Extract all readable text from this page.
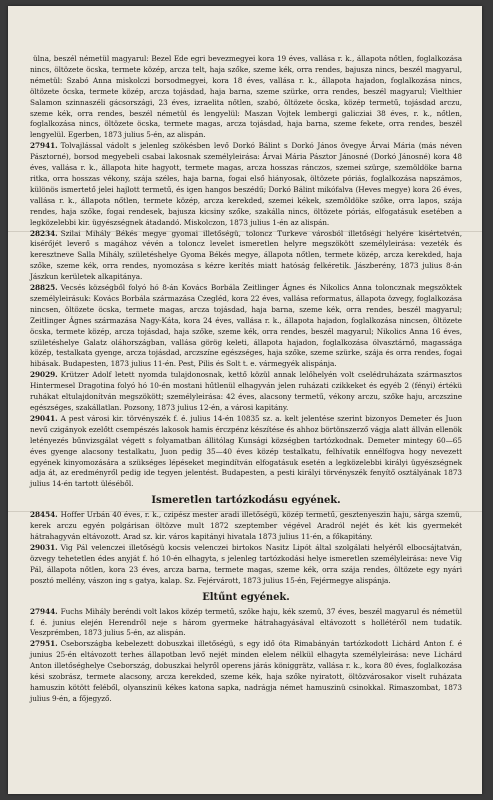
ülna, beszél németül magyarul: Bezel Ede egri bevezmegyei kora 19 éves, vallása r. k., állapota nőtlen, foglalkozása nincs, öltözete öcska, termete közép, arcza telt, haja szőke, szeme kék, orra rendes, bajusza nincs, beszél magyarul, németül: Szabó Anna miskolczi borsodmegyei, kora 18 éves, vallása r. k., állapota hajadon, foglalkozása nincs, öltözete öcska, termete közép, arcza tojásdad, haja barna, szeme szürke, orra rendes, beszél magyarul; Vielthier Salamon szinnaszéli gácsországi, 23 éves, izraelita nőtlen, szabó, öltözete öcska, közép termetű, tojásdad arczu, szeme kék, orra rendes, beszél németül és lengyelül: Maszan Vojtek lembergi galicziai 38 éves, r. k., nőtlen, foglalkozása nincs, öltözete öcska, termete magas, arcza tojásdad, haja barna, szeme fekete, orra rendes, beszél lengyelül. Egerben, 1873 julius 5-én, az alispán.

27941. Tolvajlással vádolt s jelenleg szökésben levő Dorkó Bálint s Dorkó János övegye Árvai Mária (más néven Pásztorné), borsod megyebeli csabai lakosnak személyleirása: Árvai Mária Pásztor Jánosné (Dorkó Jánosné) kora 48 éves, vallása r. k., állapota hite hagyott, termete magas, arcza hosszas ránczos, szemei szürge, szemöldöke barna ritka, orra hosszas vékony, szája széles, haja barna, fogai első hiányosak, öltözete póriás, foglalkozása napszámos, különös ismertető jelei hajlott termetű, és igen hangos beszédű; Dorkó Bálint mikófalva (Heves megye) kora 26 éves, vallása r. k., állapota nőtlen, termete közép, arcza kerekded, szemei kékek, szemöldöke szőke, orra lapos, szája rendes, haja szőke, fogai rendesek, bajusza kicsiny szőke, szakálla nincs, öltözete póriás, elfogatásuk esetében a legközelebbi kir. ügyészségnek átadandó. Miskolczon, 1873 julius 1-én az alispán.

28234. Szilai Mihály Békés megye gyomai illetőségü, toloncz Turkeve városból illetőségi helyére kisértetvén, kisérőjét leverő s magához vévén a toloncz levelet ismeretlen helyre megszökött személyleirása: vezeték és keresztneve Salla Mihály, születéshelye Gyoma Békés megye, állapota nőtlen, termete közép, arcza kerekded, haja szőke, szeme kék, orra rendes, nyomozása s kézre kerítés miatt hatóság felkéretik. Jászberény, 1873 julius 8-án Jászkun kerületek alkapitánya.

28825. Vecsés községből folyó hó 8-án Kovács Borbála Zeitlinger Ágnes és Nikolics Anna toloncznak megszöktek személyleirásuk: Kovács Borbála származása Czegléd, kora 22 éves, vallása reformatus, állapota özvegy, foglalkozása nincsen, öltözete öcska, termete magas, arcza tojásdad, haja barna, szeme kék, orra rendes, beszél magyarul; Zeitlinger Ágnes származása Nagy-Káta, kora 24 éves, vallása r. k., állapota hajadon, foglalkozása nincsen, öltözete öcska, termete közép, arcza tojásdad, haja szőke, szeme kék, orra rendes, beszél magyarul; Nikolics Anna 16 éves, születéshelye Galatz oláhországban, vallása görög keleti, állapota hajadon, foglalkozása ólvasztárnő, magassága közép, testalkata gyenge, arcza tojásdad, arczszíne egészséges, haja szőke, szeme szürke, szája és orra rendes, fogai hibásak. Budapesten, 1873 julius 11-én. Pest, Pilis és Solt t. e. vármegyék alispánja.

29029. Krützer Adolf letett nyomda tulajdonosnak, kettő közül annak lelőhelyén volt cselédruházata szármasztos Hintermesel Dragotina folyó hó 10-én mostani hűtlenül elhagyván jelen ruházati czikkeket és egyéb 2 (fényi) értékü ruhákat eltulajdonítván megszökött; személyleirása: 42 éves, alacsony termetű, vékony arczu, szőke haju, arczszine egészséges, szakállatlan. Pozsony, 1873 julius 12-én, a városi kapitány.

29041. A pest városi kir. törvényszék f. é. julius 14-én 10835 sz. a. kelt jelentése szerint bizonyos Demeter és Juon nevű czigányok ezelőtt csempészés lakosok hamis érczpénz készítése és ahhoz börtönszerző vágja alatt állván ellenök letényezés bűnvizsgálat végett s folyamatban állitólag Kunsági községben tartózkodnak. Demeter mintegy 60—65 éves gyenge alacsony testalkatu, Juon pedig 35—40 éves közép testalkatu, felhívatik ennélfogva hogy nevezett egyének kinyomozására a szükséges lépéseket megindítván elfogatásuk esetén a legközelebbi királyi ügyészségnek adja át, az eredményről pedig ide tegyen jelentést. Budapesten, a pesti királyi törvényszék fenyítő osztályának 1873 julius 14-én tartott üléséből.

Ismeretlen tartózkodásu egyének.

28454. Hoffer Urbán 40 éves, r. k., czipész mester aradi illetőségü, közép termetű, gesztenyeszin haju, sárga szemü, kerek arczu egyén polgárisan öltözve mult 1872 szeptember végével Aradról nejét és két kis gyermekét hátrahagyván eltávozott. Arad sz. kir. város kapitányi hivatala 1873 julius 11-én, a főkapitány.

29031. Vig Pál velenczei illetőségü kocsis velenczei birtokos Nasitz Lipót által szolgálati helyéről elbocsájtatván, özvegy tehetetlen édes anyját f. hó 10-én elhagyta, s jelenleg tartózkodási helye ismeretlen személyleirása: neve Vig Pál, állapota nőtlen, kora 23 éves, arcza barna, termete magas, szeme kék, orra szája rendes, öltözete egy nyári posztó mellény, vászon ing s gatya, kalap. Sz. Fejérvárott, 1873 julius 15-én, Fejérmegye alispánja.

Eltűnt egyének.

27944. Fuchs Mihály beréndi volt lakos közép termetű, szőke haju, kék szemü, 37 éves, beszél magyarul és németül f. é. junius elején Herendről neje s három gyermeke hátrahagyásával eltávozott s hollétéről nem tudatik. Veszprémben, 1873 julius 5-én, az alispán.

27951. Csebországba kebelezett dobuszkai illetőségü, s egy idő óta Rimabányán tartózkodott Lichárd Anton f. é junius 25-én eltávozott terhes állapotban levő nejét minden elelem nélkül elhagyta személyleirása: neve Lichárd Anton illetőséghelye Csebország, dobuszkai helyről operens járás königgrätz, vallása r. k., kora 80 éves, foglalkozása kési szobrász, termete alacsony, arcza kerekded, szeme kék, haja szőke nyiratott, öltözvárosakor viselt ruházata hamuszin kötött feléből, olyanszinü kékes katona sapka, nadrágja német hamuszinü csinokkal. Rimaszombat, 1873 julius 9-én, a főjegyző.
